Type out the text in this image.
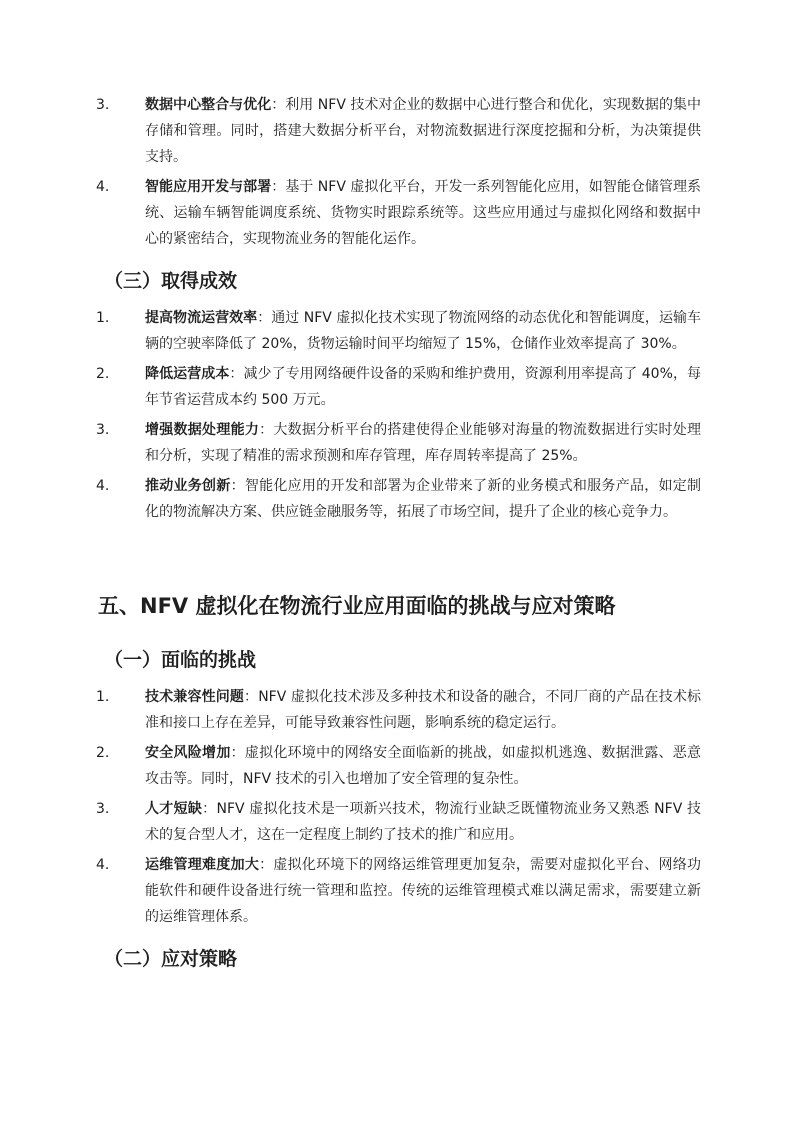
3.	数据中心整合与优化：利用 NFV 技术对企业的数据中心进行整合和优化，实现数据的集中存储和管理。同时，搭建大数据分析平台，对物流数据进行深度挖掘和分析，为决策提供支持。
4.	智能应用开发与部署：基于 NFV 虚拟化平台，开发一系列智能化应用，如智能仓储管理系统、运输车辆智能调度系统、货物实时跟踪系统等。这些应用通过与虚拟化网络和数据中心的紧密结合，实现物流业务的智能化运作。
（三）取得成效
1.	提高物流运营效率：通过 NFV 虚拟化技术实现了物流网络的动态优化和智能调度，运输车辆的空驶率降低了 20%，货物运输时间平均缩短了 15%，仓储作业效率提高了 30%。
2.	降低运营成本：减少了专用网络硬件设备的采购和维护费用，资源利用率提高了 40%，每年节省运营成本约 500 万元。
3.	增强数据处理能力：大数据分析平台的搭建使得企业能够对海量的物流数据进行实时处理和分析，实现了精准的需求预测和库存管理，库存周转率提高了 25%。
4.	推动业务创新：智能化应用的开发和部署为企业带来了新的业务模式和服务产品，如定制化的物流解决方案、供应链金融服务等，拓展了市场空间，提升了企业的核心竞争力。
五、NFV 虚拟化在物流行业应用面临的挑战与应对策略
（一）面临的挑战
1.	技术兼容性问题：NFV 虚拟化技术涉及多种技术和设备的融合，不同厂商的产品在技术标准和接口上存在差异，可能导致兼容性问题，影响系统的稳定运行。
2.	安全风险增加：虚拟化环境中的网络安全面临新的挑战，如虚拟机逃逸、数据泄露、恶意攻击等。同时，NFV 技术的引入也增加了安全管理的复杂性。
3.	人才短缺：NFV 虚拟化技术是一项新兴技术，物流行业缺乏既懂物流业务又熟悉 NFV 技术的复合型人才，这在一定程度上制约了技术的推广和应用。
4.	运维管理难度加大：虚拟化环境下的网络运维管理更加复杂，需要对虚拟化平台、网络功能软件和硬件设备进行统一管理和监控。传统的运维管理模式难以满足需求，需要建立新的运维管理体系。
（二）应对策略
